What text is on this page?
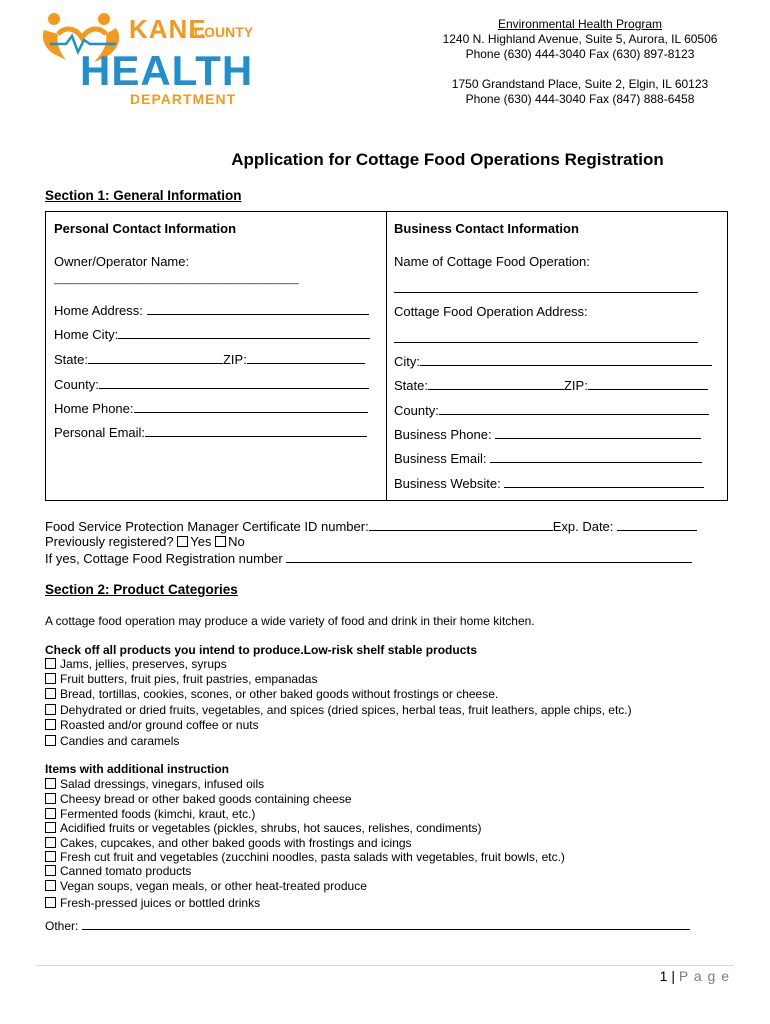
KANE
COUNTY
HEALTH
DEPARTMENT
Environmental Health Program
1240 N. Highland Avenue, Suite 5, Aurora, IL 60506
Phone (630) 444-3040 Fax (630) 897-8123
1750 Grandstand Place, Suite 2, Elgin, IL 60123
Phone (630) 444-3040 Fax (847) 888-6458
Application for Cottage Food Operations Registration
Section 1: General Information
Personal Contact Information
Owner/Operator Name:
____________________________________________
Home Address:
Home City:
State:	ZIP:
County:
Home Phone:
Personal Email:
Business Contact Information
Name of Cottage Food Operation:
Cottage Food Operation Address:
City:
State:	ZIP:
County:
Business Phone:
Business Email:
Business Website:
Food Service Protection Manager Certificate ID number:	Exp. Date:
Previously registered? Yes No
If yes, Cottage Food Registration number
Section 2: Product Categories
A cottage food operation may produce a wide variety of food and drink in their home kitchen.
Check off all products you intend to produce.Low-risk shelf stable products
Jams, jellies, preserves, syrups
Fruit butters, fruit pies, fruit pastries, empanadas
Bread, tortillas, cookies, scones, or other baked goods without frostings or cheese.
Dehydrated or dried fruits, vegetables, and spices (dried spices, herbal teas, fruit leathers, apple chips, etc.)
Roasted and/or ground coffee or nuts
Candies and caramels
Items with additional instruction
Salad dressings, vinegars, infused oils
Cheesy bread or other baked goods containing cheese
Fermented foods (kimchi, kraut, etc.)
Acidified fruits or vegetables (pickles, shrubs, hot sauces, relishes, condiments)
Cakes, cupcakes, and other baked goods with frostings and icings
Fresh cut fruit and vegetables (zucchini noodles, pasta salads with vegetables, fruit bowls, etc.)
Canned tomato products
Vegan soups, vegan meals, or other heat-treated produce
Fresh-pressed juices or bottled drinks
Other:
1 | P a g e
